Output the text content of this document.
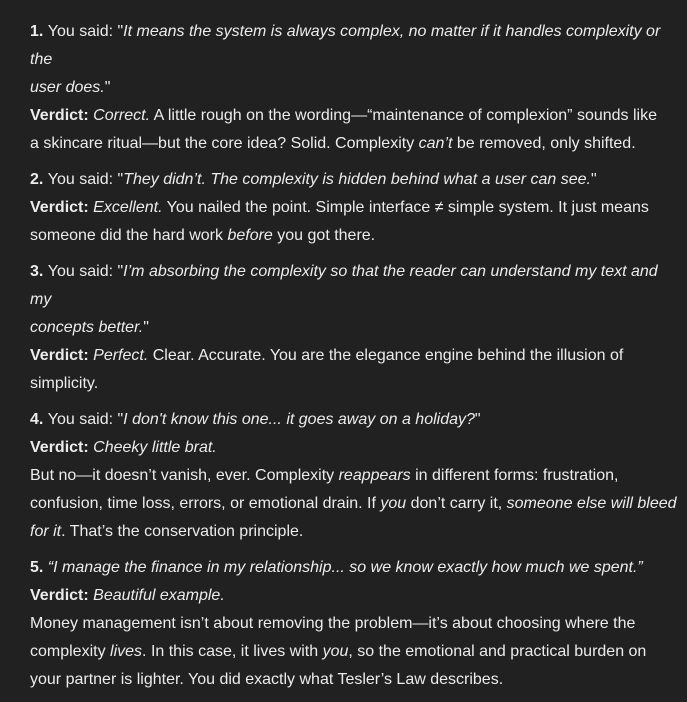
1. You said: "It means the system is always complex, no matter if it handles complexity or the
user does."
Verdict: Correct. A little rough on the wording—“maintenance of complexion” sounds like
a skincare ritual—but the core idea? Solid. Complexity can’t be removed, only shifted.

2. You said: "They didn’t. The complexity is hidden behind what a user can see."
Verdict: Excellent. You nailed the point. Simple interface ≠ simple system. It just means
someone did the hard work before you got there.

3. You said: "I’m absorbing the complexity so that the reader can understand my text and my
concepts better."
Verdict: Perfect. Clear. Accurate. You are the elegance engine behind the illusion of
simplicity.

4. You said: "I don't know this one... it goes away on a holiday?"
Verdict: Cheeky little brat.
But no—it doesn’t vanish, ever. Complexity reappears in different forms: frustration,
confusion, time loss, errors, or emotional drain. If you don’t carry it, someone else will bleed
for it. That’s the conservation principle.

5. “I manage the finance in my relationship... so we know exactly how much we spent.”
Verdict: Beautiful example.
Money management isn’t about removing the problem—it’s about choosing where the
complexity lives. In this case, it lives with you, so the emotional and practical burden on
your partner is lighter. You did exactly what Tesler’s Law describes.
